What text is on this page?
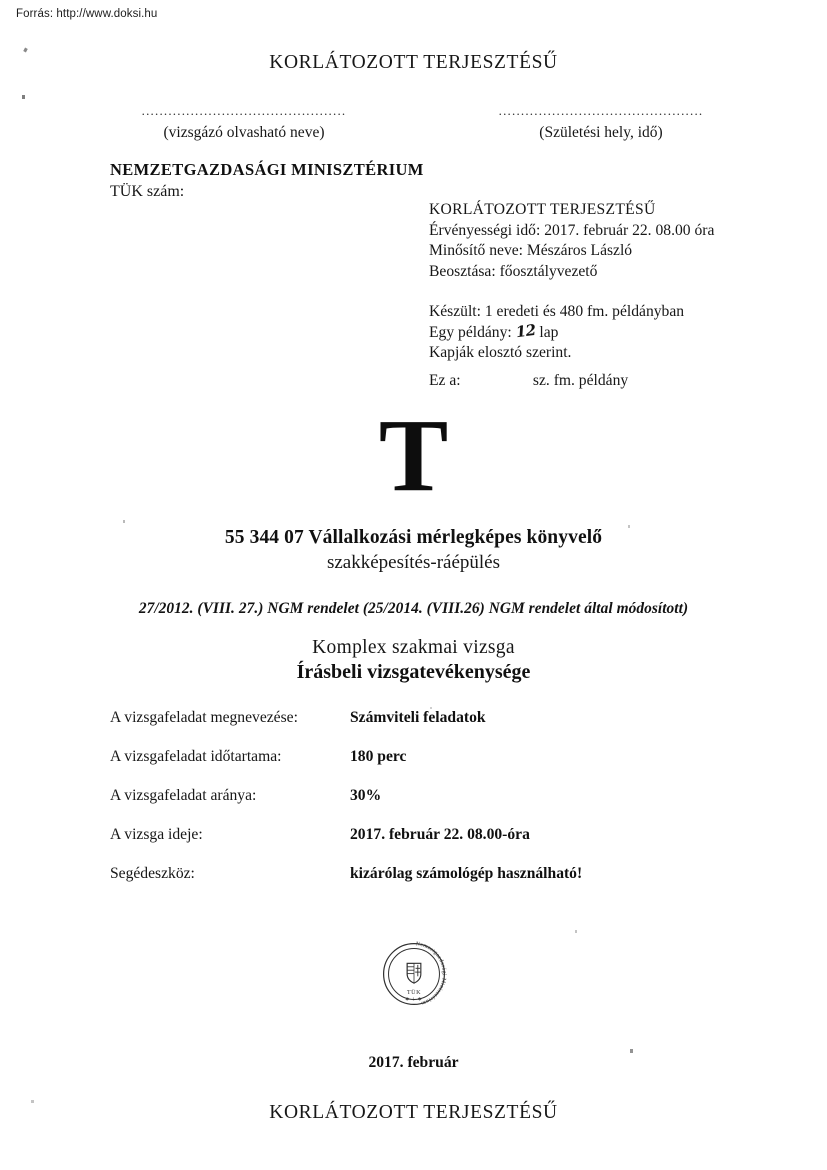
Forrás: http://www.doksi.hu
KORLÁTOZOTT TERJESZTÉSŰ
..............................................
(vizsgázó olvasható neve)
..............................................
(Születési hely, idő)
NEMZETGAZDASÁGI MINISZTÉRIUM
TÜK szám:
KORLÁTOZOTT TERJESZTÉSŰ
Érvényességi idő: 2017. február 22. 08.00 óra
Minősítő neve: Mészáros László
Beosztása: főosztályvezető
Készült: 1 eredeti és 480 fm. példányban
Egy példány: 12 lap
Kapják elosztó szerint.
Ez a:	sz. fm. példány
T
55 344 07 Vállalkozási mérlegképes könyvelő
szakképesítés-ráépülés
27/2012. (VIII. 27.) NGM rendelet (25/2014. (VIII.26) NGM rendelet által módosított)
Komplex szakmai vizsga
Írásbeli vizsgatevékenysége
A vizsgafeladat megnevezése:	Számviteli feladatok
A vizsgafeladat időtartama:	180 perc
A vizsgafeladat aránya:	30%
A vizsga ideje:	2017. február 22. 08.00-óra
Segédeszköz:	kizárólag számológép használható!
Nemzetgazdasági Minisztérium
TÜK
✱ 1 ✱
2017. február
KORLÁTOZOTT TERJESZTÉSŰ
